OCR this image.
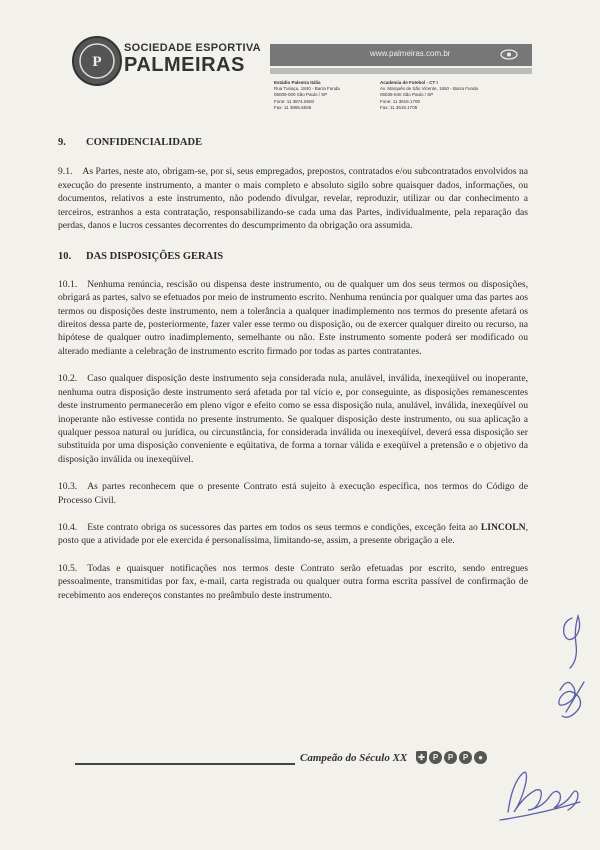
P
SOCIEDADE ESPORTIVA
PALMEIRAS
www.palmeiras.com.br
Estádio Palestra Itália
Rua Turiaçu, 1840 - Barra Funda
05005-000 São Paulo / SP
Fone: 11 3874.6500
Fax: 11 3865.5555
Academia de Futebol - CT I
Av. Marquês de São Vicente, 1650 - Barra Funda
05036-040 São Paulo / SP
Fone: 11 3619.1700
Fax: 11 3619.1705
9. CONFIDENCIALIDADE

9.1. As Partes, neste ato, obrigam-se, por si, seus empregados, prepostos, contratados e/ou subcontratados envolvidos na execução do presente instrumento, a manter o mais completo e absoluto sigilo sobre quaisquer dados, informações, ou documentos, relativos a este instrumento, não podendo divulgar, revelar, reproduzir, utilizar ou dar conhecimento a terceiros, estranhos a esta contratação, responsabilizando-se cada uma das Partes, individualmente, pela reparação das perdas, danos e lucros cessantes decorrentes do descumprimento da obrigação ora assumida.

10. DAS DISPOSIÇÕES GERAIS

10.1. Nenhuma renúncia, rescisão ou dispensa deste instrumento, ou de qualquer um dos seus termos ou disposições, obrigará as partes, salvo se efetuados por meio de instrumento escrito. Nenhuma renúncia por qualquer uma das partes aos termos ou disposições deste instrumento, nem a tolerância a qualquer inadimplemento nos termos do presente afetará os direitos dessa parte de, posteriormente, fazer valer esse termo ou disposição, ou de exercer qualquer direito ou recurso, na hipótese de qualquer outro inadimplemento, semelhante ou não. Este instrumento somente poderá ser modificado ou alterado mediante a celebração de instrumento escrito firmado por todas as partes contratantes.

10.2. Caso qualquer disposição deste instrumento seja considerada nula, anulável, inválida, inexeqüível ou inoperante, nenhuma outra disposição deste instrumento será afetada por tal vício e, por conseguinte, as disposições remanescentes deste instrumento permanecerão em pleno vigor e efeito como se essa disposição nula, anulável, inválida, inexeqüível ou inoperante não estivesse contida no presente instrumento. Se qualquer disposição deste instrumento, ou sua aplicação a qualquer pessoa natural ou jurídica, ou circunstância, for considerada inválida ou inexeqüível, deverá essa disposição ser substituída por uma disposição conveniente e eqüitativa, de forma a tornar válida e exeqüível a pretensão e o objetivo da disposição inválida ou inexeqüível.

10.3. As partes reconhecem que o presente Contrato está sujeito à execução específica, nos termos do Código de Processo Civil.

10.4. Este contrato obriga os sucessores das partes em todos os seus termos e condições, exceção feita ao LINCOLN, posto que a atividade por ele exercida é personalíssima, limitando-se, assim, a presente obrigação a ele.

10.5. Todas e quaisquer notificações nos termos deste Contrato serão efetuadas por escrito, sendo entregues pessoalmente, transmitidas por fax, e-mail, carta registrada ou qualquer outra forma escrita passível de confirmação de recebimento aos endereços constantes no preâmbulo deste instrumento.

Campeão do Século XX ✚ P	P	P	●
